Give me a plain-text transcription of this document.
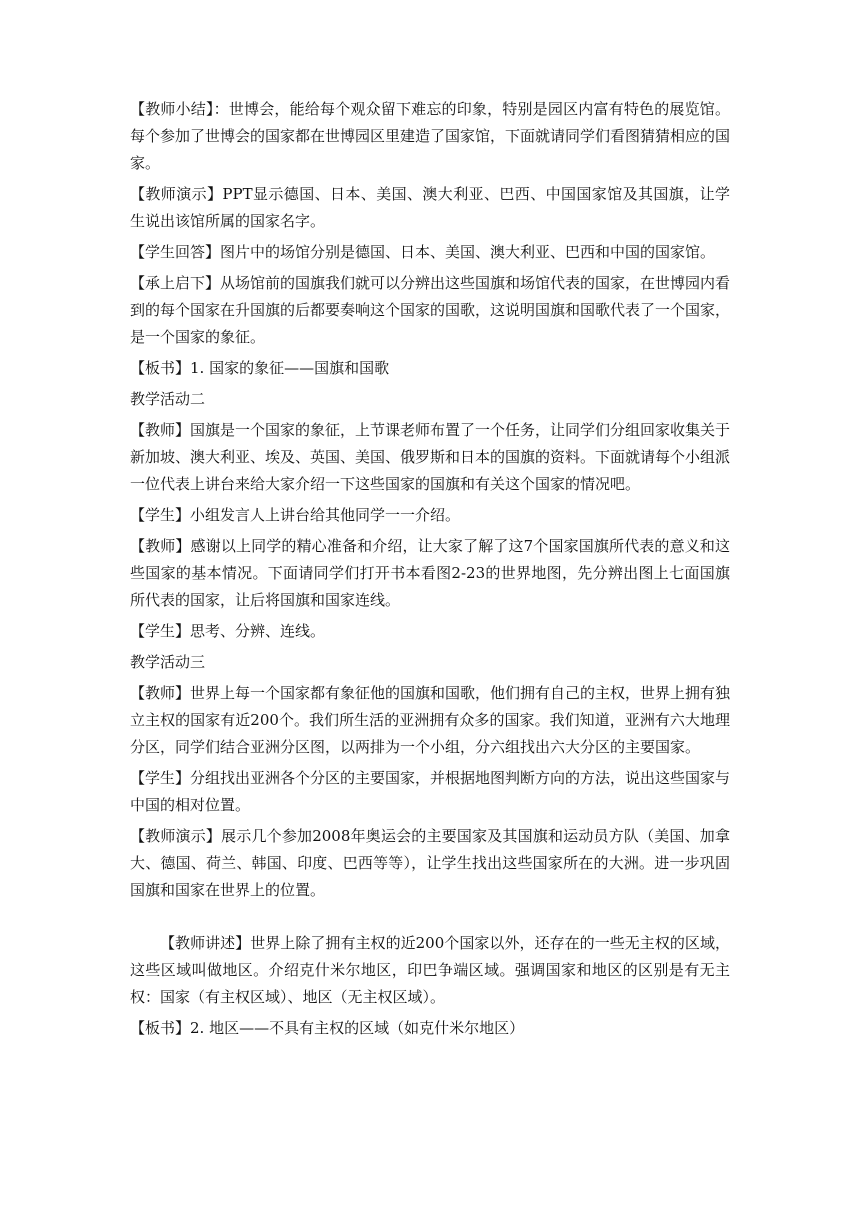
【教师小结】：世博会，能给每个观众留下难忘的印象，特别是园区内富有特色的展览馆。每个参加了世博会的国家都在世博园区里建造了国家馆，下面就请同学们看图猜猜相应的国家。

【教师演示】PPT显示德国、日本、美国、澳大利亚、巴西、中国国家馆及其国旗，让学生说出该馆所属的国家名字。

【学生回答】图片中的场馆分别是德国、日本、美国、澳大利亚、巴西和中国的国家馆。

【承上启下】从场馆前的国旗我们就可以分辨出这些国旗和场馆代表的国家，在世博园内看到的每个国家在升国旗的后都要奏响这个国家的国歌，这说明国旗和国歌代表了一个国家，是一个国家的象征。

【板书】1. 国家的象征——国旗和国歌

教学活动二

【教师】国旗是一个国家的象征，上节课老师布置了一个任务，让同学们分组回家收集关于新加坡、澳大利亚、埃及、英国、美国、俄罗斯和日本的国旗的资料。下面就请每个小组派一位代表上讲台来给大家介绍一下这些国家的国旗和有关这个国家的情况吧。

【学生】小组发言人上讲台给其他同学一一介绍。

【教师】感谢以上同学的精心准备和介绍，让大家了解了这7个国家国旗所代表的意义和这些国家的基本情况。下面请同学们打开书本看图2-23的世界地图，先分辨出图上七面国旗所代表的国家，让后将国旗和国家连线。

【学生】思考、分辨、连线。

教学活动三

【教师】世界上每一个国家都有象征他的国旗和国歌，他们拥有自己的主权，世界上拥有独立主权的国家有近200个。我们所生活的亚洲拥有众多的国家。我们知道，亚洲有六大地理分区，同学们结合亚洲分区图，以两排为一个小组，分六组找出六大分区的主要国家。

【学生】分组找出亚洲各个分区的主要国家，并根据地图判断方向的方法，说出这些国家与中国的相对位置。

【教师演示】展示几个参加2008年奥运会的主要国家及其国旗和运动员方队（美国、加拿大、德国、荷兰、韩国、印度、巴西等等），让学生找出这些国家所在的大洲。进一步巩固国旗和国家在世界上的位置。

【教师讲述】世界上除了拥有主权的近200个国家以外，还存在的一些无主权的区域，这些区域叫做地区。介绍克什米尔地区，印巴争端区域。强调国家和地区的区别是有无主权：国家（有主权区域）、地区（无主权区域）。

【板书】2. 地区——不具有主权的区域（如克什米尔地区）
